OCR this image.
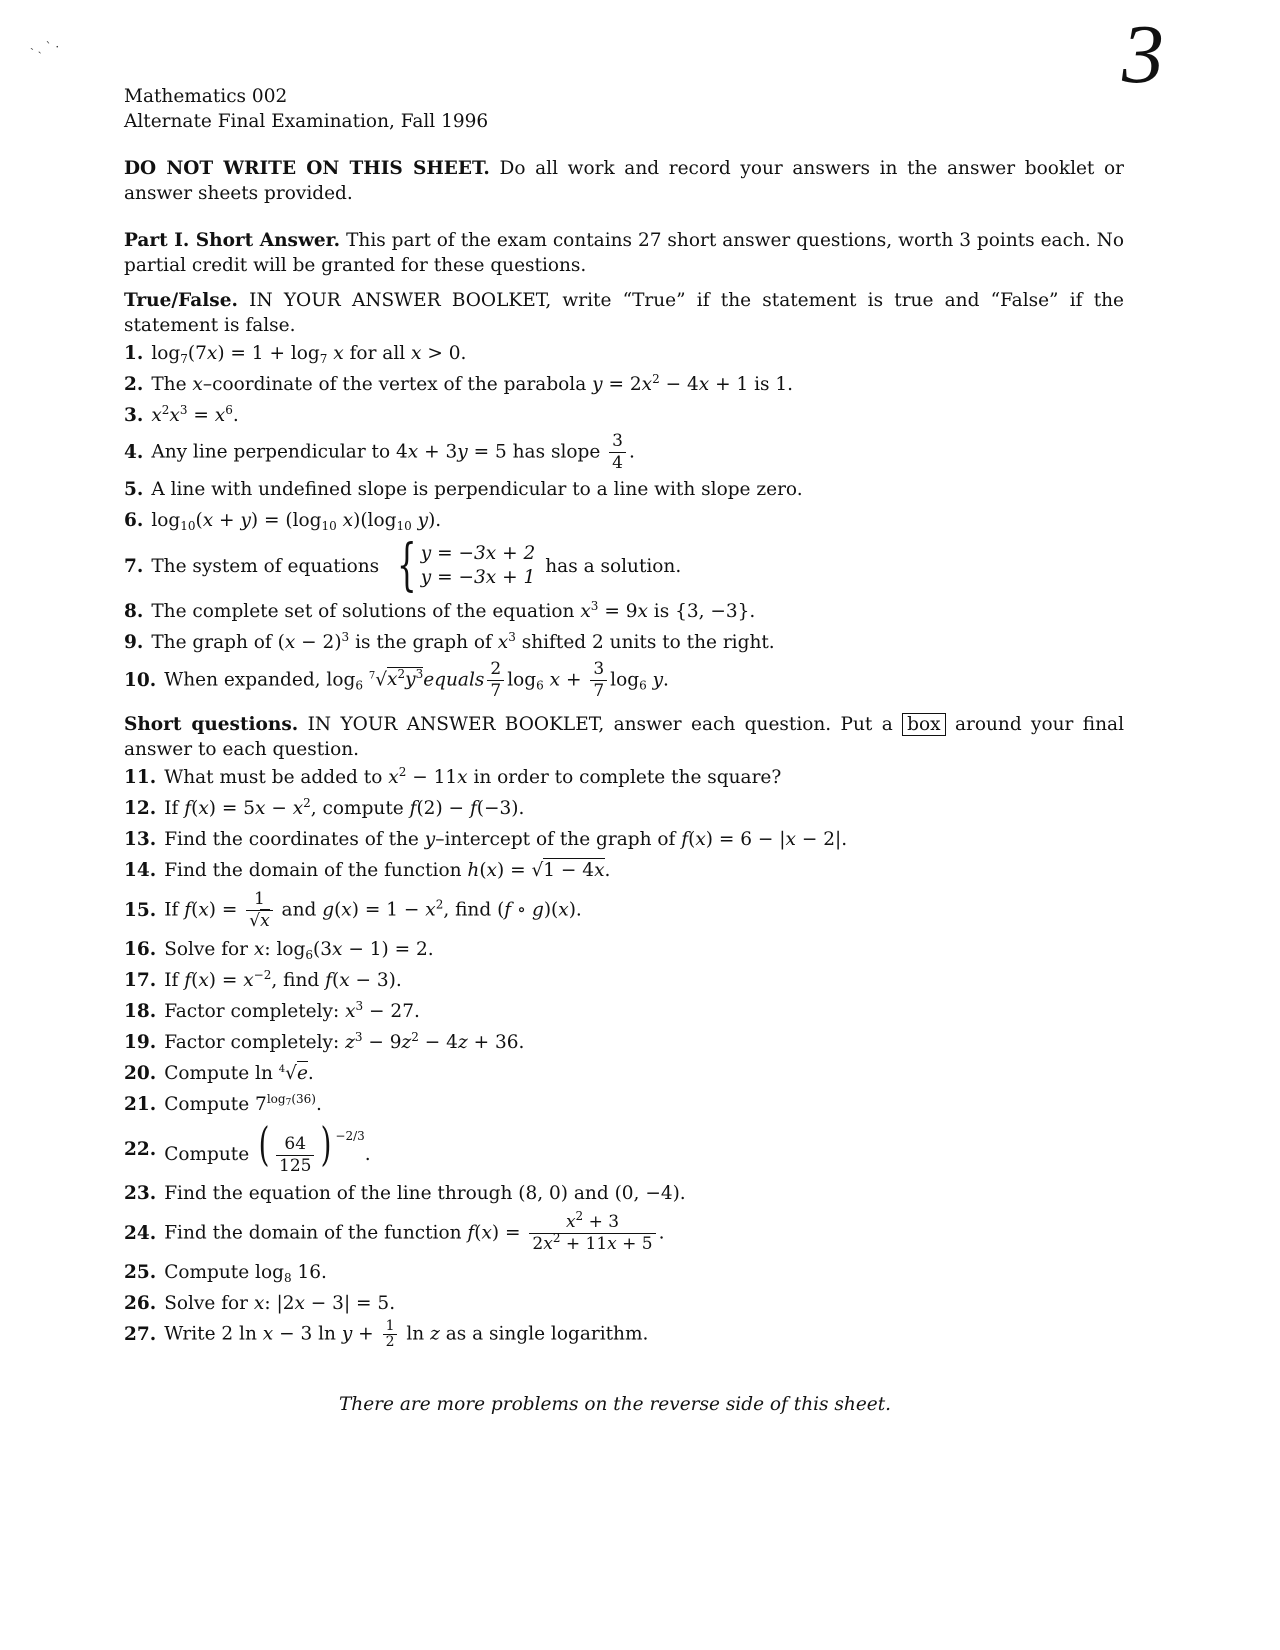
˴ ˎ ˋ ·	3
Mathematics 002
Alternate Final Examination, Fall 1996
DO NOT WRITE ON THIS SHEET. Do all work and record your answers in the answer booklet or answer sheets provided.
Part I. Short Answer. This part of the exam contains 27 short answer questions, worth 3 points each. No partial credit will be granted for these questions.
True/False. IN YOUR ANSWER BOOLKET, write “True” if the statement is true and “False” if the statement is false.
1. $\log_7(7x) = 1 + \log_7 x$ for all x > 0.
2. The x–coordinate of the vertex of the parabola $y = 2x^2 - 4x + 1$ is 1.
3. $x^2x^3 = x^6$.
4. Any line perpendicular to 4x + 3y = 5 has slope $\frac{3}{4}$ .
5. A line with undefined slope is perpendicular to a line with slope zero.
6. $\log_{10}(x + y) = (\log_{10}$ $x)(\log_{10}$ y).
7. The system of equations { y = −3x + 2
y = −3x + 1
has a solution.
8. The complete set of solutions of the equation $x^3 = 9x$ is {3, −3}.
9. The graph of $(x - 2)^3$ is the graph of $x^3$ shifted 2 units to the right.
10. When expanded, $\log_6$ $^7√x^2y^3equals \frac{2}{7} \log_6 x + \frac{3}{7} \log_6 y$.
Short questions. IN YOUR ANSWER BOOKLET, answer each question. Put a box around your final answer to each question.
11. What must be added to $x^2 - 11x$ in order to complete the square?
12. If $f(x) = 5x - x^2$, compute f(2) − f(−3).
13. Find the coordinates of the y–intercept of the graph of f(x) = 6 − |x − 2|.
14. Find the domain of the function h(x) = √1 − 4x.
15. If $f(x) = \frac{1}{√x}$ and $g(x) = 1 - x^2$, find (f ∘ g)(x).
16. Solve for x: $\log_6(3x - 1) = 2$.
17. If $f(x) = x^{-2}$, find f(x − 3).
18. Factor completely: $x^3 - 27$.
19. Factor completely: $z^3 - 9z^2 - 4z + 36$.
20. Compute ln $^4$√e.
21. Compute $7^{log_7(36)}$.
22. Compute ( $\frac{64}{125}$ ) $^{-2/3}$.
23. Find the equation of the line through (8, 0) and (0, −4).
24. Find the domain of the function $f(x) = \frac{x^2 + 3}{2x^2 + 11x + 5}$ .
25. Compute $\log_8 16$.
26. Solve for x: |2x − 3| = 5.
27. Write 2 ln x − 3 $\ln y + \frac{1}{2}$ ln z as a single logarithm.
There are more problems on the reverse side of this sheet.
